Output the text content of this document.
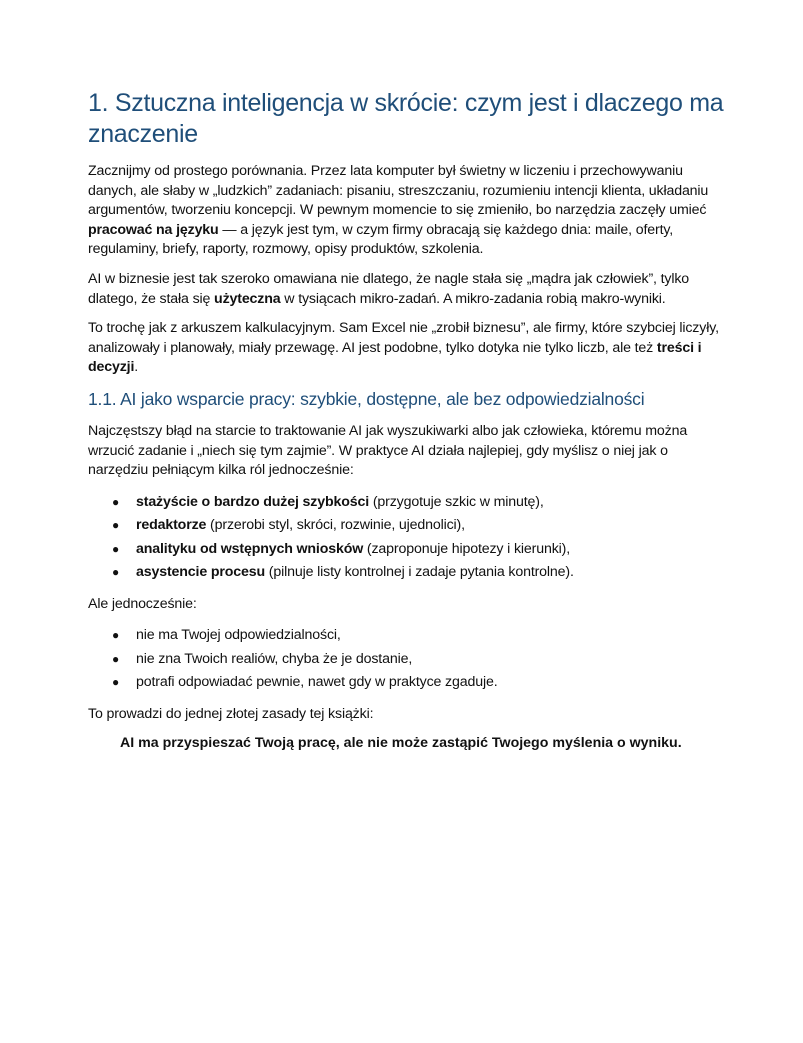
1. Sztuczna inteligencja w skrócie: czym jest i dlaczego ma znaczenie

Zacznijmy od prostego porównania. Przez lata komputer był świetny w liczeniu i przechowywaniu danych, ale słaby w „ludzkich” zadaniach: pisaniu, streszczaniu, rozumieniu intencji klienta, układaniu argumentów, tworzeniu koncepcji. W pewnym momencie to się zmieniło, bo narzędzia zaczęły umieć pracować na języku — a język jest tym, w czym firmy obracają się każdego dnia: maile, oferty, regulaminy, briefy, raporty, rozmowy, opisy produktów, szkolenia.

AI w biznesie jest tak szeroko omawiana nie dlatego, że nagle stała się „mądra jak człowiek”, tylko dlatego, że stała się użyteczna w tysiącach mikro-zadań. A mikro-zadania robią makro-wyniki.

To trochę jak z arkuszem kalkulacyjnym. Sam Excel nie „zrobił biznesu”, ale firmy, które szybciej liczyły, analizowały i planowały, miały przewagę. AI jest podobne, tylko dotyka nie tylko liczb, ale też treści i decyzji.

1.1. AI jako wsparcie pracy: szybkie, dostępne, ale bez odpowiedzialności

Najczęstszy błąd na starcie to traktowanie AI jak wyszukiwarki albo jak człowieka, któremu można wrzucić zadanie i „niech się tym zajmie”. W praktyce AI działa najlepiej, gdy myślisz o niej jak o narzędziu pełniącym kilka ról jednocześnie:

● stażyście o bardzo dużej szybkości (przygotuje szkic w minutę),
● redaktorze (przerobi styl, skróci, rozwinie, ujednolici),
● analityku od wstępnych wniosków (zaproponuje hipotezy i kierunki),
● asystencie procesu (pilnuje listy kontrolnej i zadaje pytania kontrolne).

Ale jednocześnie:

● nie ma Twojej odpowiedzialności,
● nie zna Twoich realiów, chyba że je dostanie,
● potrafi odpowiadać pewnie, nawet gdy w praktyce zgaduje.

To prowadzi do jednej złotej zasady tej książki:

AI ma przyspieszać Twoją pracę, ale nie może zastąpić Twojego myślenia o wyniku.
